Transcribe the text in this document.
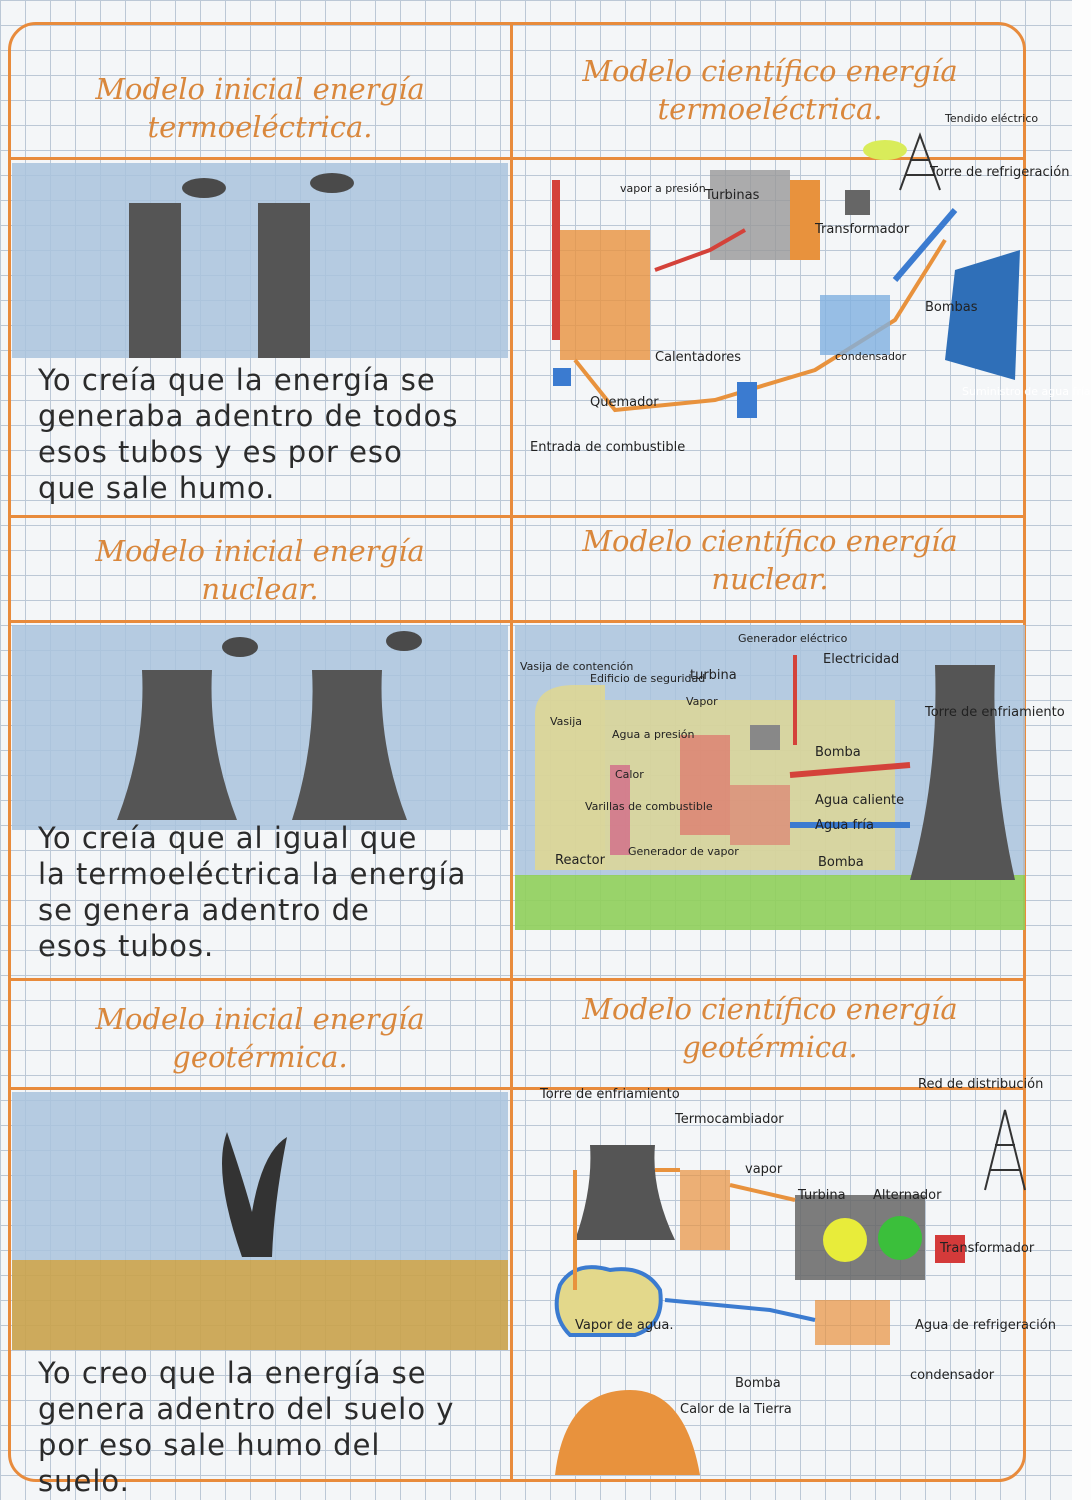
Modelo inicial energía
termoeléctrica.
Modelo científico energía
termoeléctrica.
Yo creía que la energía se
generaba adentro de todos
esos tubos y es por eso
que sale humo.
Tendido eléctrico
Torre de refrigeración
vapor a presión Turbinas
Transformador
Bombas
Suministro de agua fría
condensador
Calentadores
Quemador
Entrada de combustible
Modelo inicial energía
nuclear.
Modelo científico energía
nuclear.
Yo creía que al igual que
la termoeléctrica la energía
se genera adentro de
esos tubos.
Generador eléctrico
Electricidad
Vasija de contención
Edificio de seguridad
turbina
Vapor
Vasija
Agua a presión
Calor
Varillas de combustible
Torre de enfriamiento
Bomba
Agua caliente
Agua fría
Bomba
Reactor
Generador de vapor
Modelo inicial energía
geotérmica.
Modelo científico energía
geotérmica.
Yo creo que la energía se
genera adentro del suelo y
por eso sale humo del
suelo.
Torre de enfriamiento
Termocambiador
vapor
Red de distribución
Turbina Alternador
Transformador
Vapor de agua.	Agua de refrigeración
Bomba
condensador
Calor de la Tierra
